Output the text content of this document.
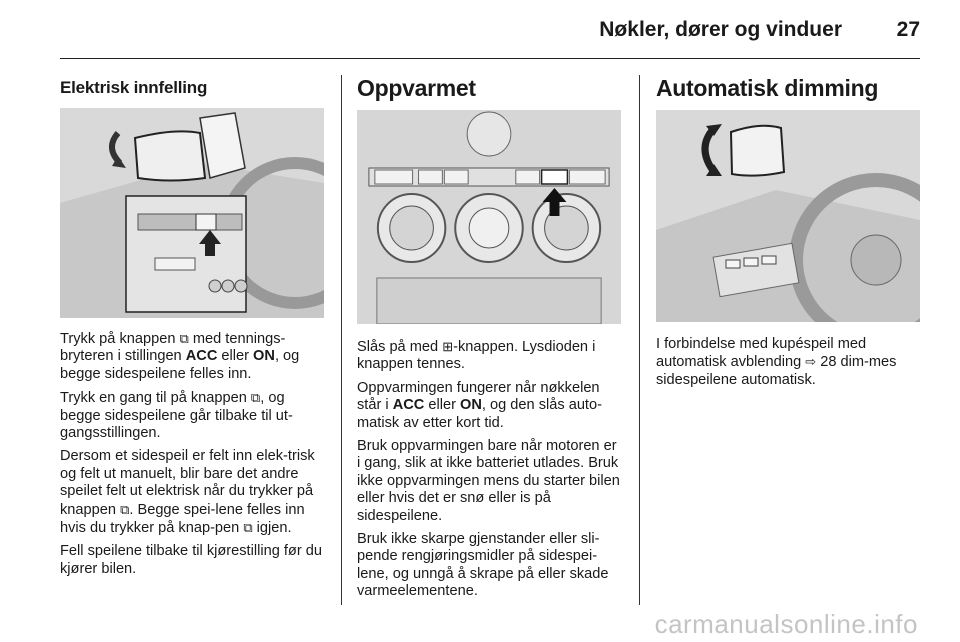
Nøkler, dører og vinduer	27
Elektrisk innfelling

Trykk på knappen ⧉ med tennings-bryteren i stillingen ACC eller ON, og begge sidespeilene felles inn.

Trykk en gang til på knappen ⧉, og begge sidespeilene går tilbake til ut-gangsstillingen.

Dersom et sidespeil er felt inn elek-trisk og felt ut manuelt, blir bare det andre speilet felt ut elektrisk når du trykker på knappen ⧉. Begge spei-lene felles inn hvis du trykker på knap-pen ⧉ igjen.

Fell speilene tilbake til kjørestilling før du kjører bilen.

Oppvarmet

Slås på med ⊞-knappen. Lysdioden i knappen tennes.

Oppvarmingen fungerer når nøkkelen står i ACC eller ON, og den slås auto-matisk av etter kort tid.

Bruk oppvarmingen bare når motoren er i gang, slik at ikke batteriet utlades. Bruk ikke oppvarmingen mens du starter bilen eller hvis det er snø eller is på sidespeilene.

Bruk ikke skarpe gjenstander eller sli-pende rengjøringsmidler på sidespei-lene, og unngå å skrape på eller skade varmeelementene.

Automatisk dimming

I forbindelse med kupéspeil med automatisk avblending ⇨ 28 dim-mes sidespeilene automatisk.

carmanualsonline.info
